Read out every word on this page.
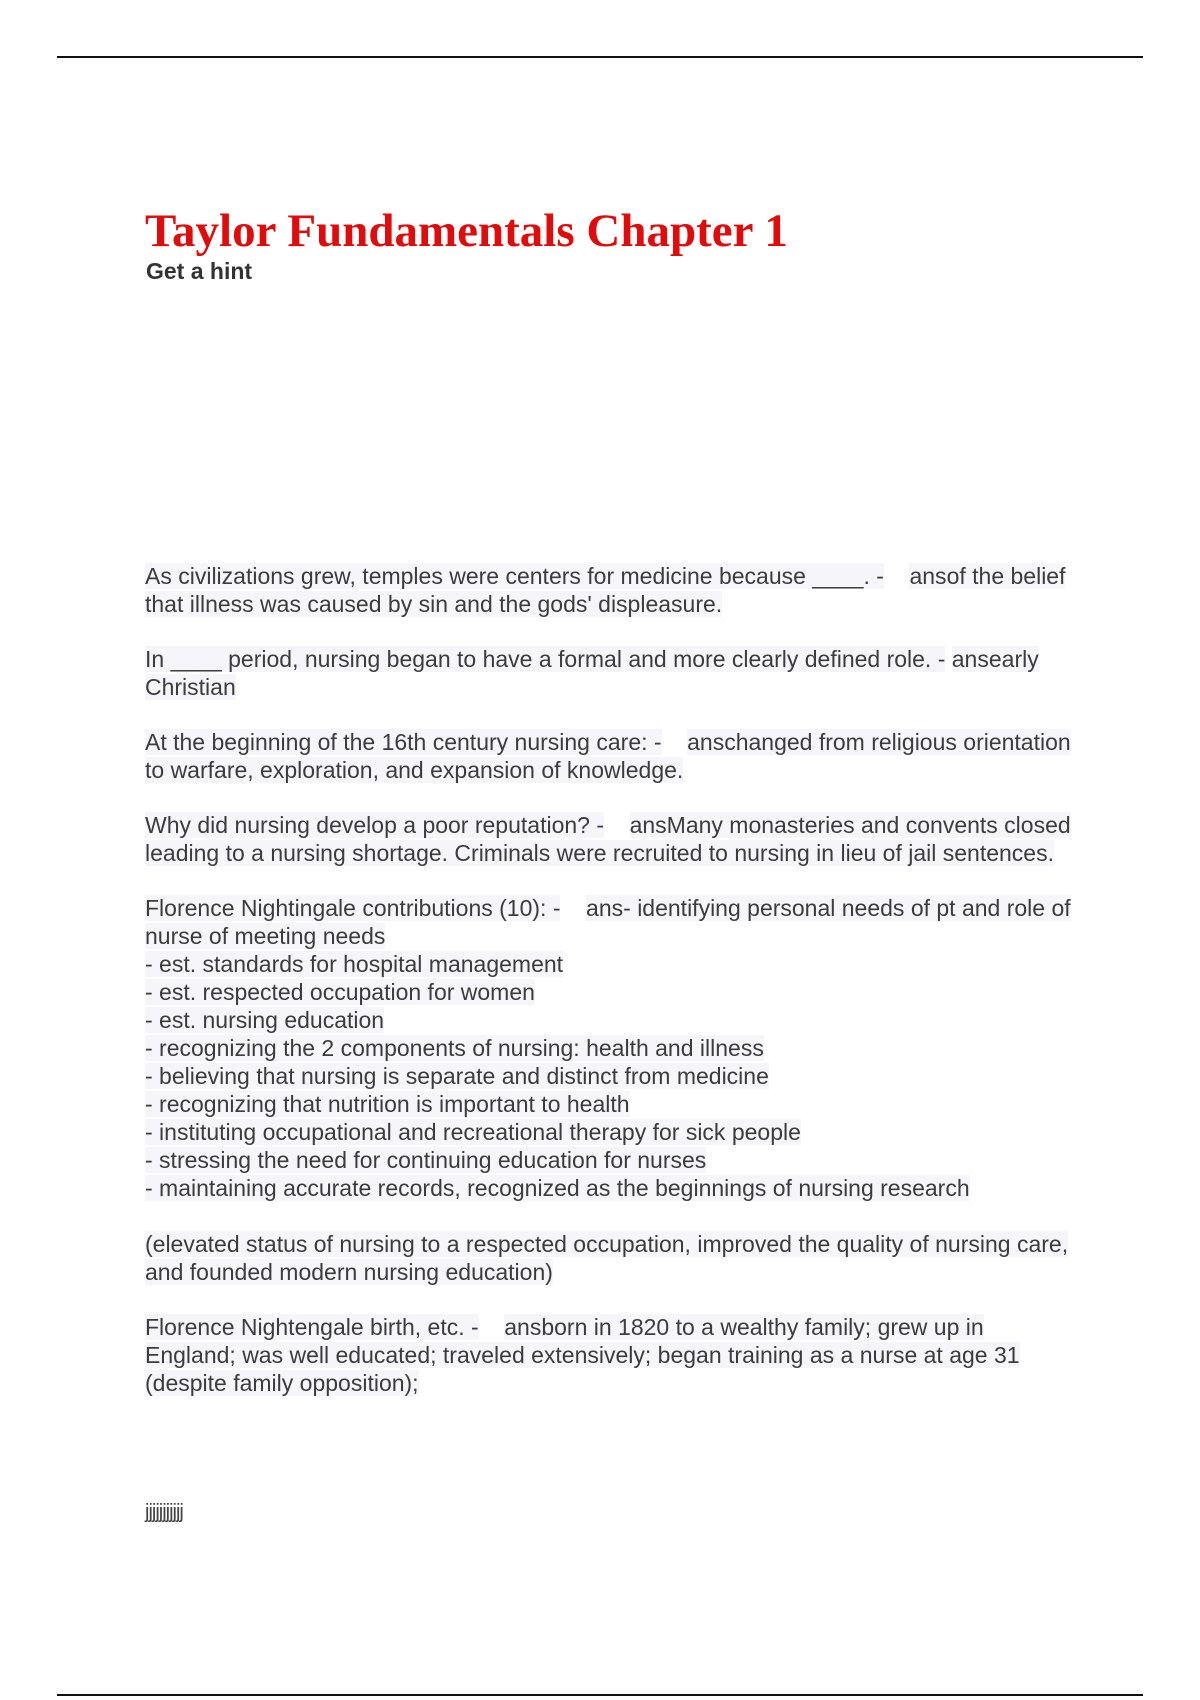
Taylor Fundamentals Chapter 1
Get a hint

As civilizations grew, temples were centers for medicine because ____. - ansof the belief that illness was caused by sin and the gods' displeasure.

In ____ period, nursing began to have a formal and more clearly defined role. - ansearly Christian

At the beginning of the 16th century nursing care: - anschanged from religious orientation to warfare, exploration, and expansion of knowledge.

Why did nursing develop a poor reputation? - ansMany monasteries and convents closed leading to a nursing shortage. Criminals were recruited to nursing in lieu of jail sentences.

Florence Nightingale contributions (10): - ans- identifying personal needs of pt and role of nurse of meeting needs

- est. standards for hospital management
- est. respected occupation for women
- est. nursing education
- recognizing the 2 components of nursing: health and illness
- believing that nursing is separate and distinct from medicine
- recognizing that nutrition is important to health
- instituting occupational and recreational therapy for sick people
- stressing the need for continuing education for nurses
- maintaining accurate records, recognized as the beginnings of nursing research

(elevated status of nursing to a respected occupation, improved the quality of nursing care, and founded modern nursing education)

Florence Nightengale birth, etc. - ansborn in 1820 to a wealthy family; grew up in England; was well educated; traveled extensively; began training as a nurse at age 31 (despite family opposition);

jjjjjjjjjjj
